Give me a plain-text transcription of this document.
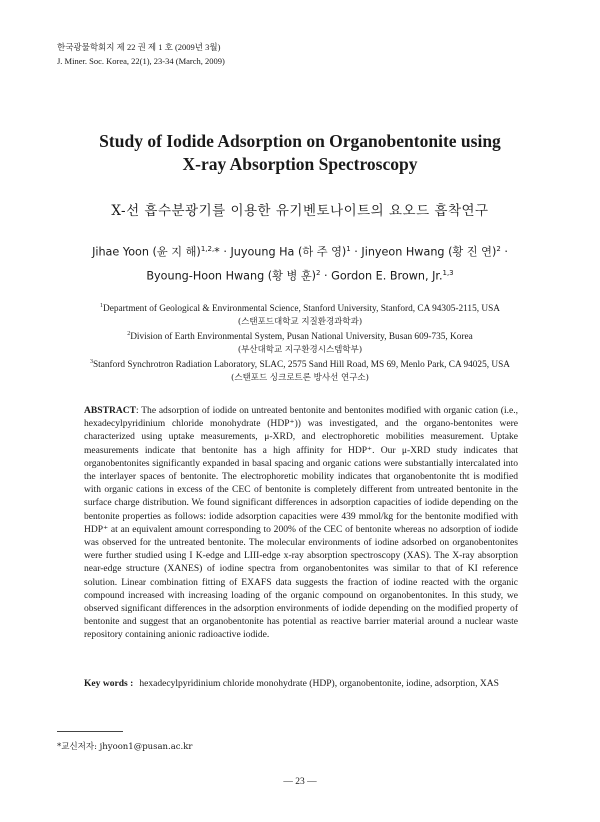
한국광물학회지 제 22 권 제 1 호 (2009년 3월)
J. Miner. Soc. Korea, 22(1), 23-34 (March, 2009)
Study of Iodide Adsorption on Organobentonite using
X-ray Absorption Spectroscopy
X-선 흡수분광기를 이용한 유기벤토나이트의 요오드 흡착연구
Jihae Yoon (윤 지 해)$^{1,2,}$* · Juyoung Ha (하 주 영)$^1$ · Jinyeon Hwang (황 진 연)$^2$ ·
Byoung-Hoon Hwang (황 병 훈)$^2$ · Gordon E. Brown, Jr.$^{1,3}$
$^1$Department of Geological & Environmental Science, Stanford University, Stanford, CA 94305-2115, USA
(스탠포드대학교 지질환경과학과)
$^2$Division of Earth Environmental System, Pusan National University, Busan 609-735, Korea
(부산대학교 지구환경시스템학부)
$^3$Stanford Synchrotron Radiation Laboratory, SLAC, 2575 Sand Hill Road, MS 69, Menlo Park, CA 94025, USA
(스탠포드 싱크로트론 방사선 연구소)
ABSTRACT: The adsorption of iodide on untreated bentonite and bentonites modified with organic cation (i.e., hexadecylpyridinium chloride monohydrate (HDP⁺)) was investigated, and the organo-bentonites were characterized using uptake measurements, μ-XRD, and electrophoretic mobilities measurement. Uptake measurements indicate that bentonite has a high affinity for HDP⁺. Our μ-XRD study indicates that organobentonites significantly expanded in basal spacing and organic cations were substantially intercalated into the interlayer spaces of bentonite. The electrophoretic mobility indicates that organobentonite tht is modified with organic cations in excess of the CEC of bentonite is completely different from untreated bentonite in the surface charge distribution. We found significant differences in adsorption capacities of iodide depending on the bentonite properties as follows: iodide adsorption capacities were 439 mmol/kg for the bentonite modified with HDP⁺ at an equivalent amount corresponding to 200% of the CEC of bentonite whereas no adsorption of iodide was observed for the untreated bentonite. The molecular environments of iodine adsorbed on organobentonites were further studied using I K-edge and LIII-edge x-ray absorption spectroscopy (XAS). The X-ray absorption near-edge structure (XANES) of iodine spectra from organobentonites was similar to that of KI reference solution. Linear combination fitting of EXAFS data suggests the fraction of iodine reacted with the organic compound increased with increasing loading of the organic compound on organobentonites. In this study, we observed significant differences in the adsorption environments of iodide depending on the modified property of bentonite and suggest that an organobentonite has potential as reactive barrier material around a nuclear waste repository containing anionic radioactive iodide.
Key words : hexadecylpyridinium chloride monohydrate (HDP), organobentonite, iodine, adsorption, XAS
*교신저자: jhyoon1@pusan.ac.kr
— 23 —
